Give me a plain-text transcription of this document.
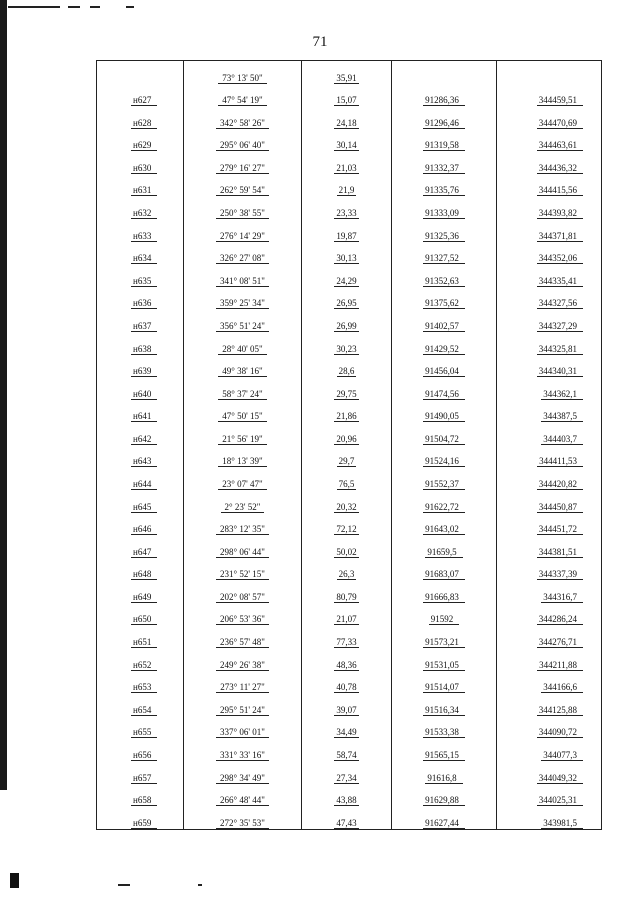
71
	73° 13' 50"	35,91		
н627	47° 54' 19"	15,07	91286,36	344459,51
н628	342° 58' 26"	24,18	91296,46	344470,69
н629	295° 06' 40"	30,14	91319,58	344463,61
н630	279° 16' 27"	21,03	91332,37	344436,32
н631	262° 59' 54"	21,9	91335,76	344415,56
н632	250° 38' 55"	23,33	91333,09	344393,82
н633	276° 14' 29"	19,87	91325,36	344371,81
н634	326° 27' 08"	30,13	91327,52	344352,06
н635	341° 08' 51"	24,29	91352,63	344335,41
н636	359° 25' 34"	26,95	91375,62	344327,56
н637	356° 51' 24"	26,99	91402,57	344327,29
н638	28° 40' 05"	30,23	91429,52	344325,81
н639	49° 38' 16"	28,6	91456,04	344340,31
н640	58° 37' 24"	29,75	91474,56	344362,1
н641	47° 50' 15"	21,86	91490,05	344387,5
н642	21° 56' 19"	20,96	91504,72	344403,7
н643	18° 13' 39"	29,7	91524,16	344411,53
н644	23° 07' 47"	76,5	91552,37	344420,82
н645	2° 23' 52"	20,32	91622,72	344450,87
н646	283° 12' 35"	72,12	91643,02	344451,72
н647	298° 06' 44"	50,02	91659,5	344381,51
н648	231° 52' 15"	26,3	91683,07	344337,39
н649	202° 08' 57"	80,79	91666,83	344316,7
н650	206° 53' 36"	21,07	91592	344286,24
н651	236° 57' 48"	77,33	91573,21	344276,71
н652	249° 26' 38"	48,36	91531,05	344211,88
н653	273° 11' 27"	40,78	91514,07	344166,6
н654	295° 51' 24"	39,07	91516,34	344125,88
н655	337° 06' 01"	34,49	91533,38	344090,72
н656	331° 33' 16"	58,74	91565,15	344077,3
н657	298° 34' 49"	27,34	91616,8	344049,32
н658	266° 48' 44"	43,88	91629,88	344025,31
н659	272° 35' 53"	47,43	91627,44	343981,5
